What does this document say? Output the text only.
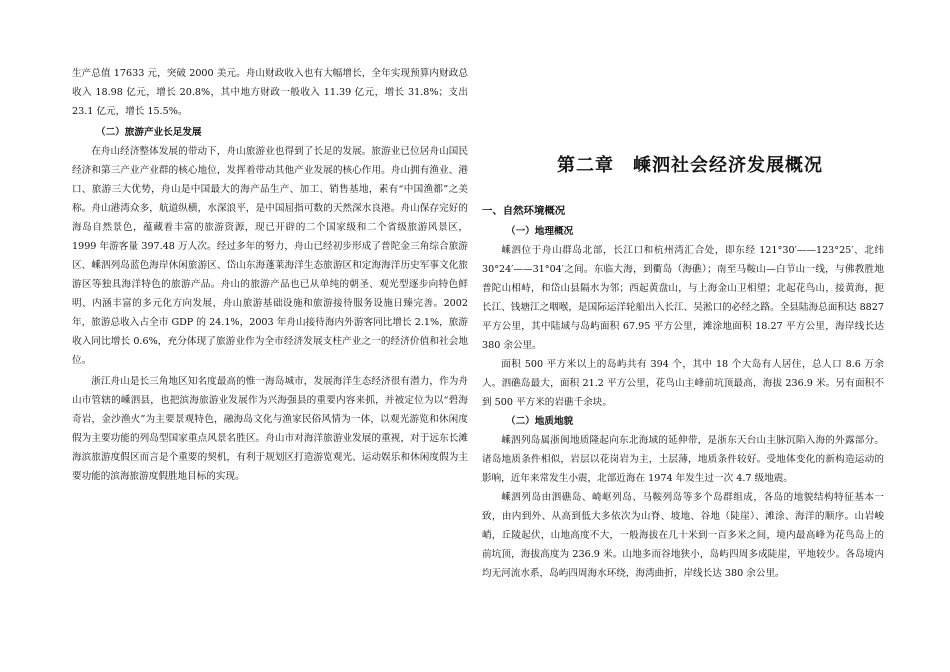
生产总值 17633 元，突破 2000 美元。舟山财政收入也有大幅增长，全年实现预算内财政总收入 18.98 亿元，增长 20.8%，其中地方财政一般收入 11.39 亿元，增长 31.8%；支出 23.1 亿元，增长 15.5%。

（二）旅游产业长足发展

在舟山经济整体发展的带动下，舟山旅游业也得到了长足的发展。旅游业已位居舟山国民经济和第三产业产业群的核心地位，发挥着带动其他产业发展的核心作用。舟山拥有渔业、港口、旅游三大优势，舟山是中国最大的海产品生产、加工、销售基地，素有“中国渔都”之美称。舟山港湾众多，航道纵横，水深浪平，是中国屈指可数的天然深水良港。舟山保存完好的海岛自然景色，蕴藏着丰富的旅游资源，现已开辟的二个国家级和二个省级旅游风景区，1999 年游客量 397.48 万人次。经过多年的努力，舟山已经初步形成了普陀金三角综合旅游区、嵊泗列岛蓝色海岸休闲旅游区、岱山东海蓬莱海洋生态旅游区和定海海洋历史军事文化旅游区等独具海洋特色的旅游产品。舟山的旅游产品也已从单纯的朝圣、观光型逐步向特色鲜明、内涵丰富的多元化方向发展，舟山旅游基础设施和旅游接待服务设施日臻完善。2002 年，旅游总收入占全市 GDP 的 24.1%，2003 年舟山接待海内外游客同比增长 2.1%，旅游收入同比增长 0.6%，充分体现了旅游业作为全市经济发展支柱产业之一的经济价值和社会地位。

浙江舟山是长三角地区知名度最高的惟一海岛城市，发展海洋生态经济很有潜力，作为舟山市管辖的嵊泗县，也把滨海旅游业发展作为兴海强县的重要内容来抓，并被定位为以“碧海奇岩，金沙渔火”为主要景观特色，融海岛文化与渔家民俗风情为一体，以观光游览和休闲度假为主要功能的列岛型国家重点风景名胜区。舟山市对海洋旅游业发展的重视，对于远东长滩海滨旅游度假区而言是个重要的契机，有利于规划区打造游览观光、运动娱乐和休闲度假为主要功能的滨海旅游度假胜地目标的实现。

第二章　嵊泗社会经济发展概况
一、自然环境概况

（一）地理概况

嵊泗位于舟山群岛北部，长江口和杭州湾汇合处，即东经 121°30′——123°25′、北纬 30°24′——31°04′之间。东临大海，到衢岛（海礁）；南至马鞍山—白节山一线，与佛教胜地普陀山相峙，和岱山县隔水为邻；西起黄盘山，与上海金山卫相望；北起花鸟山，接黄海，扼长江、钱塘江之咽喉，是国际运洋轮船出入长江、吴淞口的必经之路。全县陆海总面积达 8827 平方公里，其中陆域与岛屿面积 67.95 平方公里，滩涂地面积 18.27 平方公里，海岸线长达 380 余公里。

面积 500 平方米以上的岛屿共有 394 个，其中 18 个大岛有人居住，总人口 8.6 万余人。泗礁岛最大，面积 21.2 平方公里，花鸟山主峰前坑顶最高，海拔 236.9 米。另有面积不到 500 平方米的岩礁千余块。

（二）地质地貌

嵊泗列岛属浙闽地质隆起向东北海域的延伸带，是浙东天台山主脉沉陷入海的外露部分。诸岛地质条件相似，岩层以花岗岩为主，土层薄，地质条件较好。受地体变化的新构造运动的影响，近年来常发生小震，北部近海在 1974 年发生过一次 4.7 级地震。

嵊泗列岛由泗礁岛、崎岖列岛、马鞍列岛等多个岛群组成，各岛的地貌结构特征基本一致，由内到外、从高到低大多依次为山脊、坡地、谷地（陡崖）、滩涂、海洋的顺序。山岩峻峭，丘陵起伏，山地高度不大，一般海拔在几十米到一百多米之间，境内最高峰为花鸟岛上的前坑顶，海拔高度为 236.9 米。山地多而谷地狭小，岛屿四周多成陡崖，平地较少。各岛境内均无河流水系，岛屿四周海水环绕，海湾曲折，岸线长达 380 余公里。
